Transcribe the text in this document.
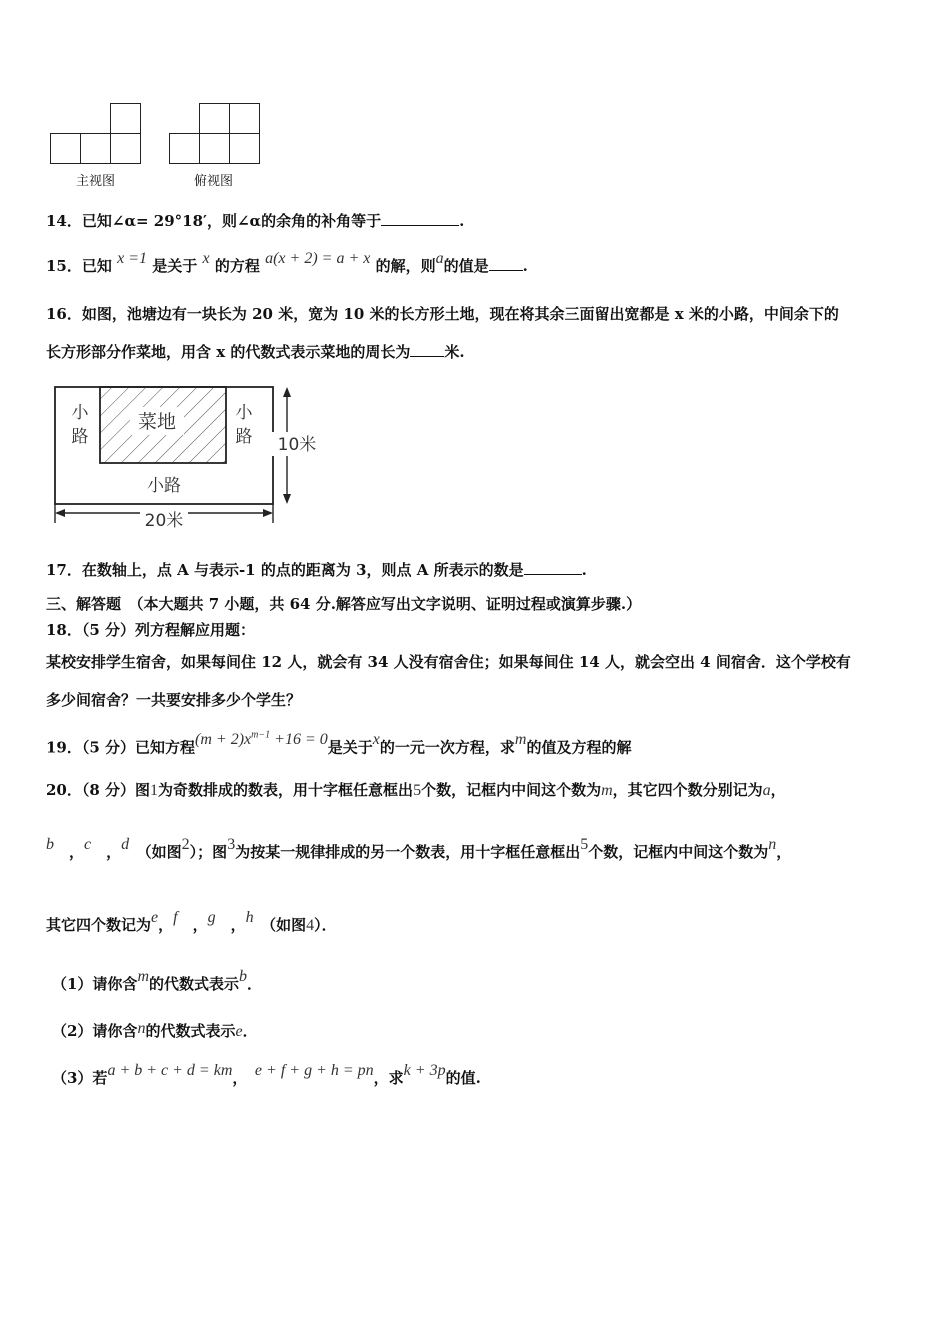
主视图	俯视图
14．已知∠α= 29°18′，则∠α的余角的补角等于	.
15．已知 x =1 是关于 x 的方程 a(x + 2) = a + x 的解，则a的值是 .
16．如图，池塘边有一块长为 20 米，宽为 10 米的长方形土地，现在将其余三面留出宽都是 x 米的小路，中间余下的
长方形部分作菜地，用含 x 的代数式表示菜地的周长为 米.
菜地
小
路
小
路
小路
10米
20米
17．在数轴上，点 A 与表示-1 的点的距离为 3，则点 A 所表示的数是	.
三、解答题　（本大题共 7 小题，共 64 分.解答应写出文字说明、证明过程或演算步骤.）
18．（5 分）列方程解应用题：
某校安排学生宿舍，如果每间住 12 人，就会有 34 人没有宿舍住；如果每间住 14 人，就会空出 4 间宿舍．这个学校有
多少间宿舍？一共要安排多少个学生？
19．（5 分）已知方程$(m + 2)x^{m-1} +16 = 0$是关于x的一元一次方程，求m的值及方程的解
20．（8 分）图1为奇数排成的数表，用十字框任意框出5个数，记框内中间这个数为m，其它四个数分别记为a，
b　，c　，d　 （如图2）；图3为按某一规律排成的另一个数表，用十字框任意框出5个数，记框内中间这个数为n，
其它四个数记为e，f　，g　，h　 （如图4）．
（1）请你含m的代数式表示b．
（2）请你含n的代数式表示e．
（3）若a + b + c + d = km，　 e + f + g + h = pn，求k + 3p的值.
